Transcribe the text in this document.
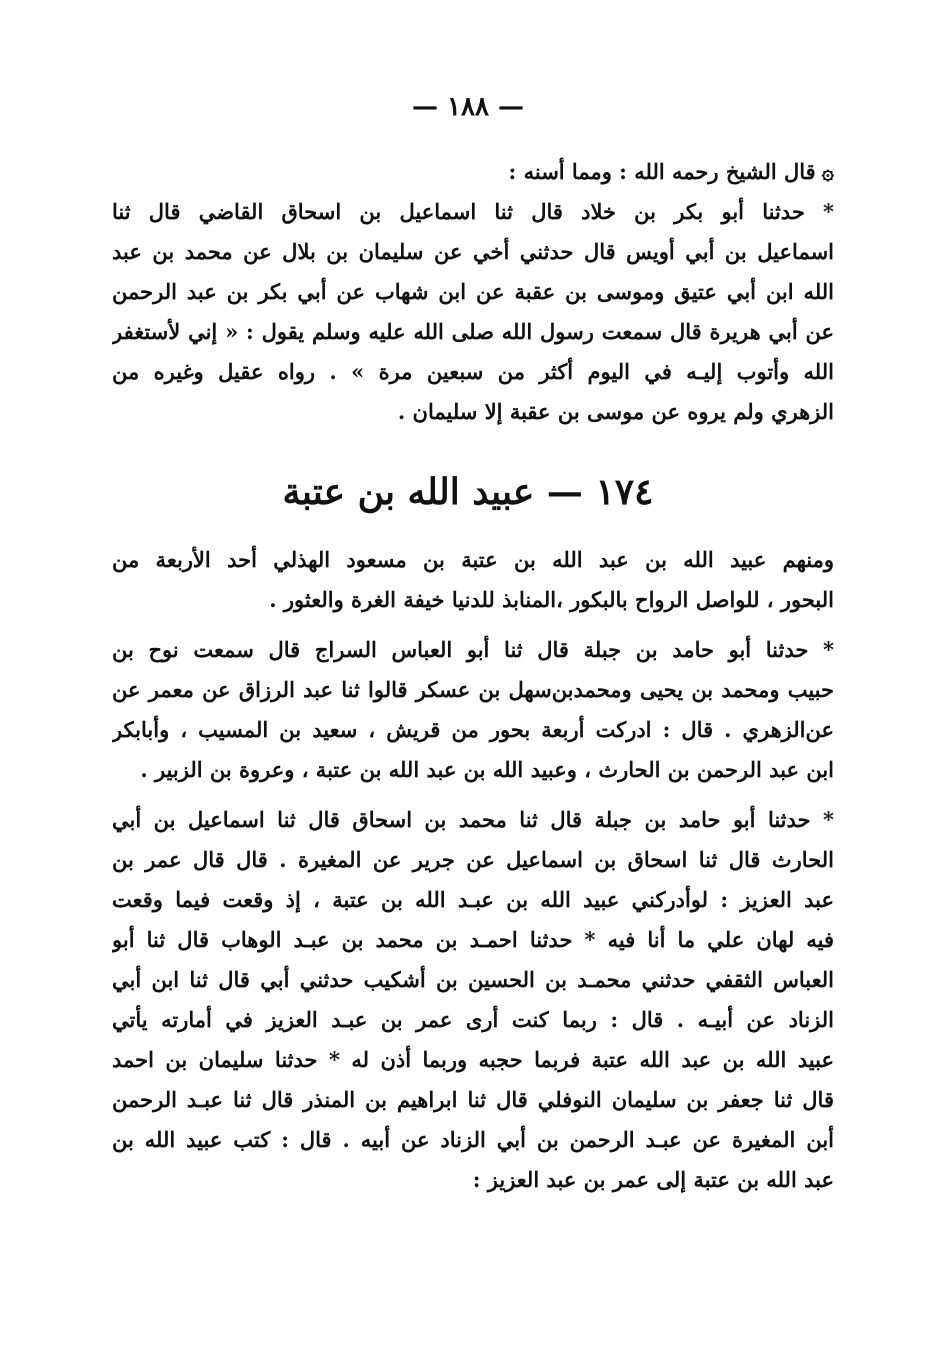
— ١٨٨ —
۞قال الشيخ رحمه الله : ومما أسنه :
* حدثنا أبو بكر بن خلاد قال ثنا اسماعيل بن اسحاق القاضي قال ثنا
اسماعيل بن أبي أويس قال حدثني أخي عن سليمان بن بلال عن محمد بن عبد
الله ابن أبي عتيق وموسى بن عقبة عن ابن شهاب عن أبي بكر بن عبد الرحمن
عن أبي هريرة قال سمعت رسول الله صلى الله عليه وسلم يقول : « إني لأستغفر
الله وأتوب إليـه في اليوم أكثر من سبعين مرة » . رواه عقيل وغيره من
الزهري ولم يروه عن موسى بن عقبة إلا سليمان .
١٧٤ — عبيد الله بن عتبة
ومنهم عبيد الله بن عبد الله بن عتبة بن مسعود الهذلي أحد الأربعة من
البحور ، للواصل الرواح بالبكور ،المنابذ للدنيا خيفة الغرة والعثور .
* حدثنا أبو حامد بن جبلة قال ثنا أبو العباس السراج قال سمعت نوح بن
حبيب ومحمد بن يحيى ومحمدبن‌سهل بن عسكر قالوا ثنا عبد الرزاق عن معمر عن
عن‌الزهري . قال : ادركت أربعة بحور من قريش ، سعيد بن المسيب ، وأبابكر
ابن عبد الرحمن بن الحارث ، وعبيد الله بن عبد الله بن عتبة ، وعروة بن الزبير .
* حدثنا أبو حامد بن جبلة قال ثنا محمد بن اسحاق قال ثنا اسماعيل بن أبي
الحارث قال ثنا اسحاق بن اسماعيل عن جرير عن المغيرة . قال قال عمر بن
عبد العزيز : لوأدركني عبيد الله بن عبـد الله بن عتبة ، إذ وقعت فيما وقعت
فيه لهان علي ما أنا فيه * حدثنا احمـد بن محمد بن عبـد الوهاب قال ثنا أبو
العباس الثقفي حدثني محمـد بن الحسين بن أشكيب حدثني أبي قال ثنا ابن أبي
الزناد عن أبيـه . قال : ربما كنت أرى عمر بن عبـد العزيز في أمارته يأتي
عبيد الله بن عبد الله عتبة فربما حجبه وربما أذن له * حدثنا سليمان بن احمد
قال ثنا جعفر بن سليمان النوفلي قال ثنا ابراهيم بن المنذر قال ثنا عبـد الرحمن
أبن المغيرة عن عبـد الرحمن بن أبي الزناد عن أبيه . قال : كتب عبيد الله بن
عبد الله بن عتبة إلى عمر بن عبد العزيز :
